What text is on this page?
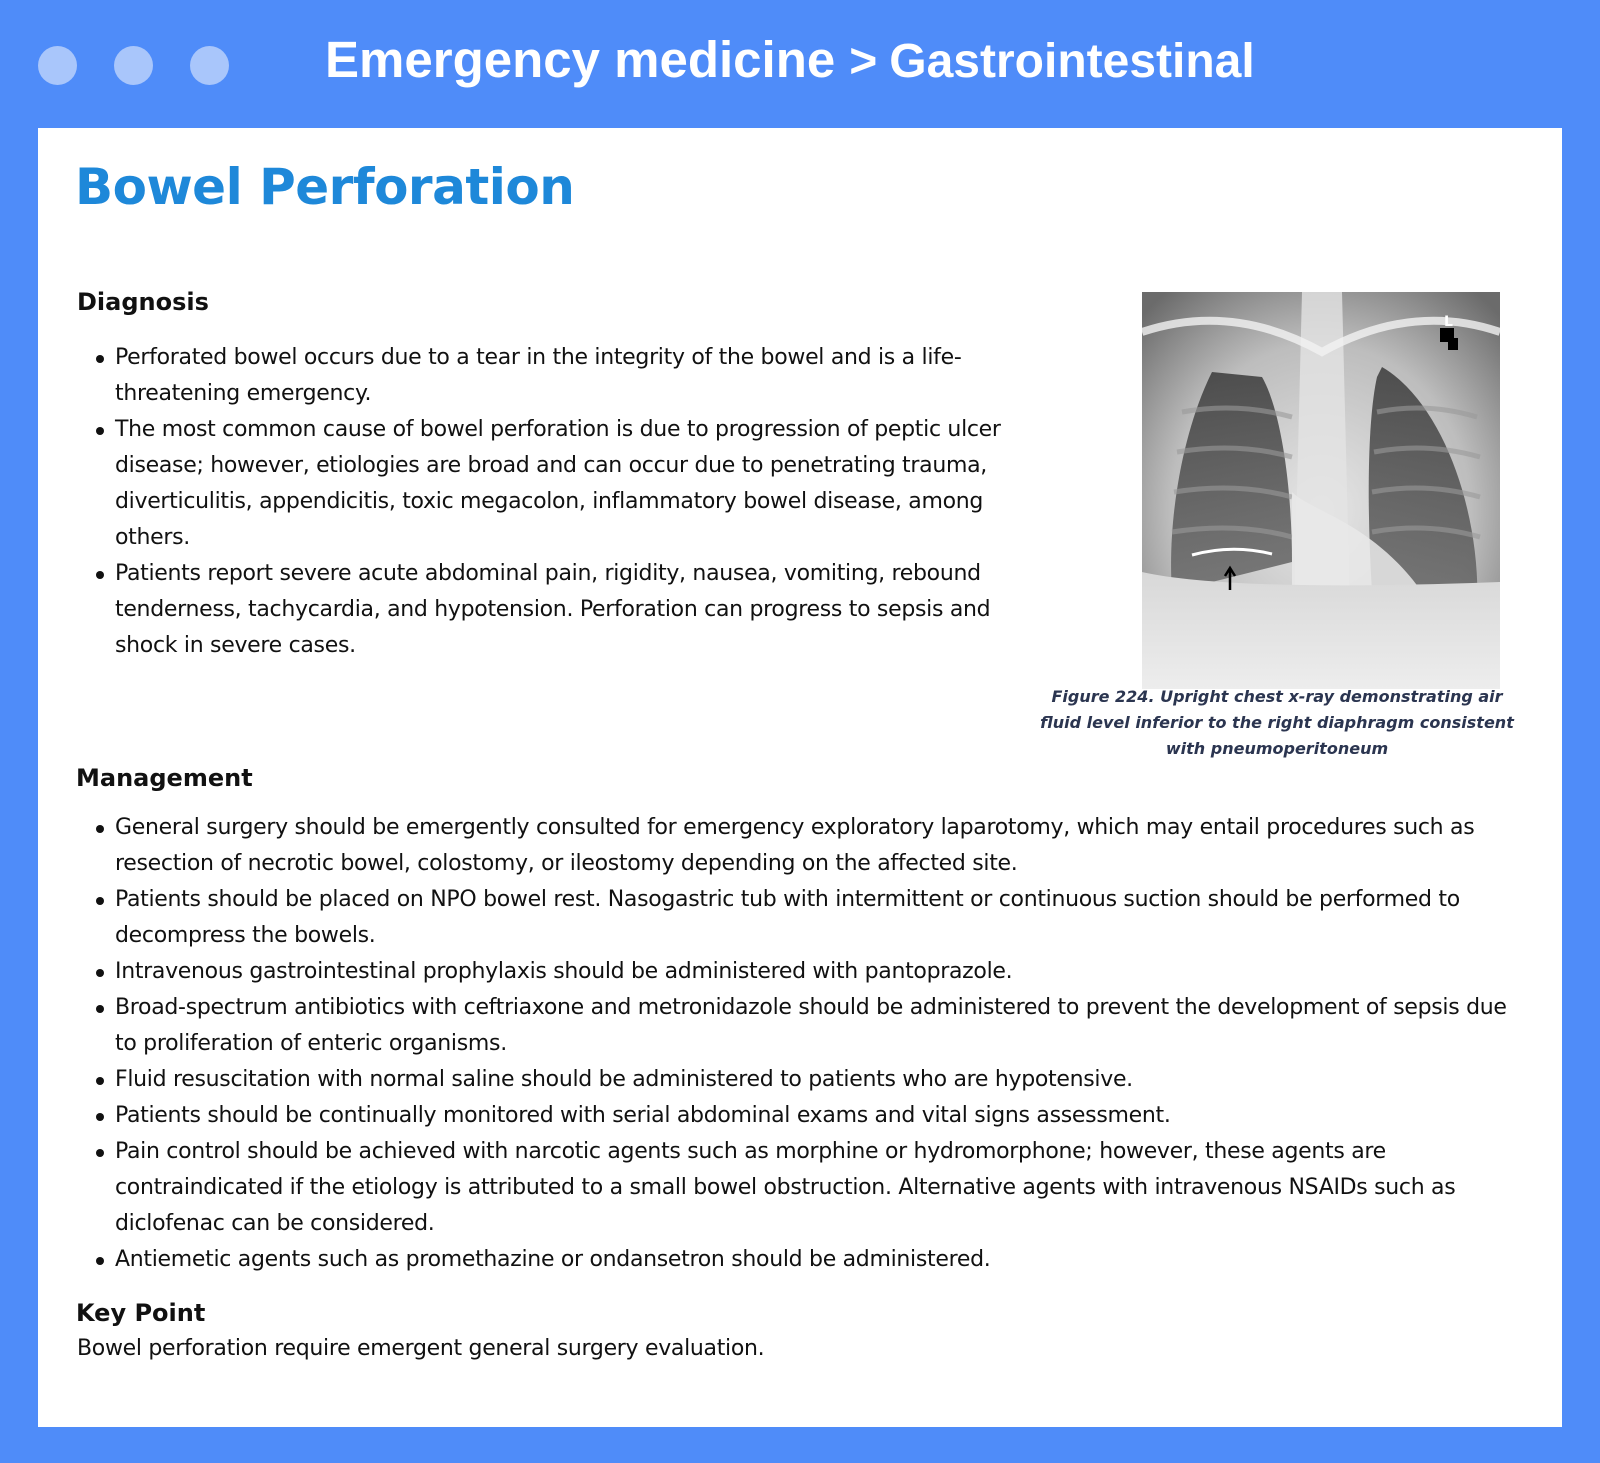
Emergency medicine > Gastrointestinal
Bowel Perforation
Diagnosis
Perforated bowel occurs due to a tear in the integrity of the bowel and is a life-threatening emergency.
The most common cause of bowel perforation is due to progression of peptic ulcer disease; however, etiologies are broad and can occur due to penetrating trauma, diverticulitis, appendicitis, toxic megacolon, inflammatory bowel disease, among others.
Patients report severe acute abdominal pain, rigidity, nausea, vomiting, rebound tenderness, tachycardia, and hypotension. Perforation can progress to sepsis and shock in severe cases.
L

Figure 224. Upright chest x-ray demonstrating air fluid level inferior to the right diaphragm consistent with pneumoperitoneum

Management
General surgery should be emergently consulted for emergency exploratory laparotomy, which may entail procedures such as resection of necrotic bowel, colostomy, or ileostomy depending on the affected site.
Patients should be placed on NPO bowel rest. Nasogastric tub with intermittent or continuous suction should be performed to decompress the bowels.
Intravenous gastrointestinal prophylaxis should be administered with pantoprazole.
Broad-spectrum antibiotics with ceftriaxone and metronidazole should be administered to prevent the development of sepsis due to proliferation of enteric organisms.
Fluid resuscitation with normal saline should be administered to patients who are hypotensive.
Patients should be continually monitored with serial abdominal exams and vital signs assessment.
Pain control should be achieved with narcotic agents such as morphine or hydromorphone; however, these agents are contraindicated if the etiology is attributed to a small bowel obstruction. Alternative agents with intravenous NSAIDs such as diclofenac can be considered.
Antiemetic agents such as promethazine or ondansetron should be administered.
Key Point

Bowel perforation require emergent general surgery evaluation.
